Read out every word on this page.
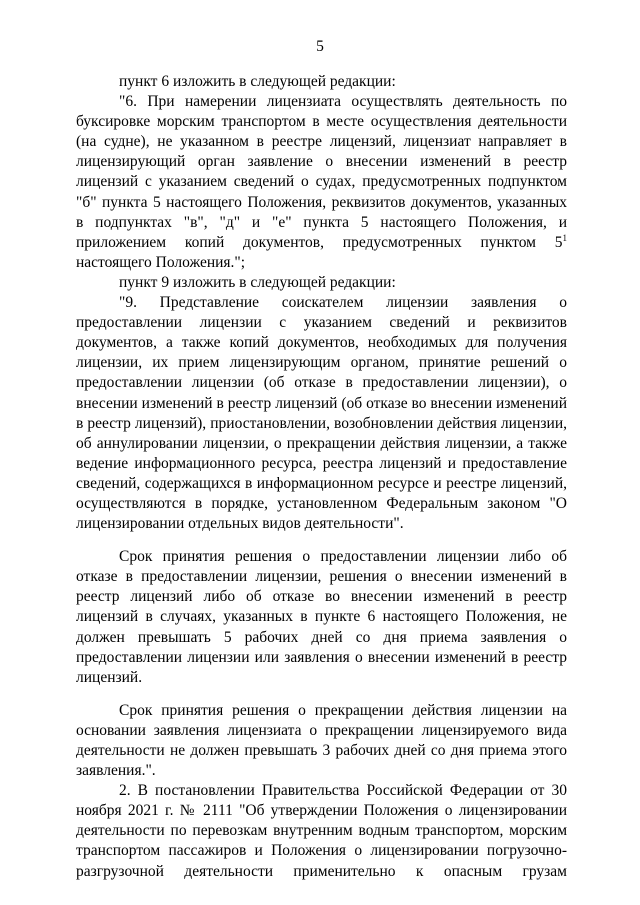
5

пункт 6 изложить в следующей редакции:

"6. При намерении лицензиата осуществлять деятельность по буксировке морским транспортом в месте осуществления деятельности (на судне), не указанном в реестре лицензий, лицензиат направляет в лицензирующий орган заявление о внесении изменений в реестр лицензий с указанием сведений о судах, предусмотренных подпунктом "б" пункта 5 настоящего Положения, реквизитов документов, указанных в подпунктах "в", "д" и "е" пункта 5 настоящего Положения, и приложением копий документов, предусмотренных пунктом 5$^1$ настоящего Положения.";

пункт 9 изложить в следующей редакции:

"9. Представление соискателем лицензии заявления о предоставлении лицензии с указанием сведений и реквизитов документов, а также копий документов, необходимых для получения лицензии, их прием лицензирующим органом, принятие решений о предоставлении лицензии (об отказе в предоставлении лицензии), о внесении изменений в реестр лицензий (об отказе во внесении изменений в реестр лицензий), приостановлении, возобновлении действия лицензии, об аннулировании лицензии, о прекращении действия лицензии, а также ведение информационного ресурса, реестра лицензий и предоставление сведений, содержащихся в информационном ресурсе и реестре лицензий, осуществляются в порядке, установленном Федеральным законом "О лицензировании отдельных видов деятельности".

Срок принятия решения о предоставлении лицензии либо об отказе в предоставлении лицензии, решения о внесении изменений в реестр лицензий либо об отказе во внесении изменений в реестр лицензий в случаях, указанных в пункте 6 настоящего Положения, не должен превышать 5 рабочих дней со дня приема заявления о предоставлении лицензии или заявления о внесении изменений в реестр лицензий.

Срок принятия решения о прекращении действия лицензии на основании заявления лицензиата о прекращении лицензируемого вида деятельности не должен превышать 3 рабочих дней со дня приема этого заявления.".

2. В постановлении Правительства Российской Федерации от 30 ноября 2021 г. № 2111 "Об утверждении Положения о лицензировании деятельности по перевозкам внутренним водным транспортом, морским транспортом пассажиров и Положения о лицензировании погрузочно-разгрузочной деятельности применительно к опасным грузам
